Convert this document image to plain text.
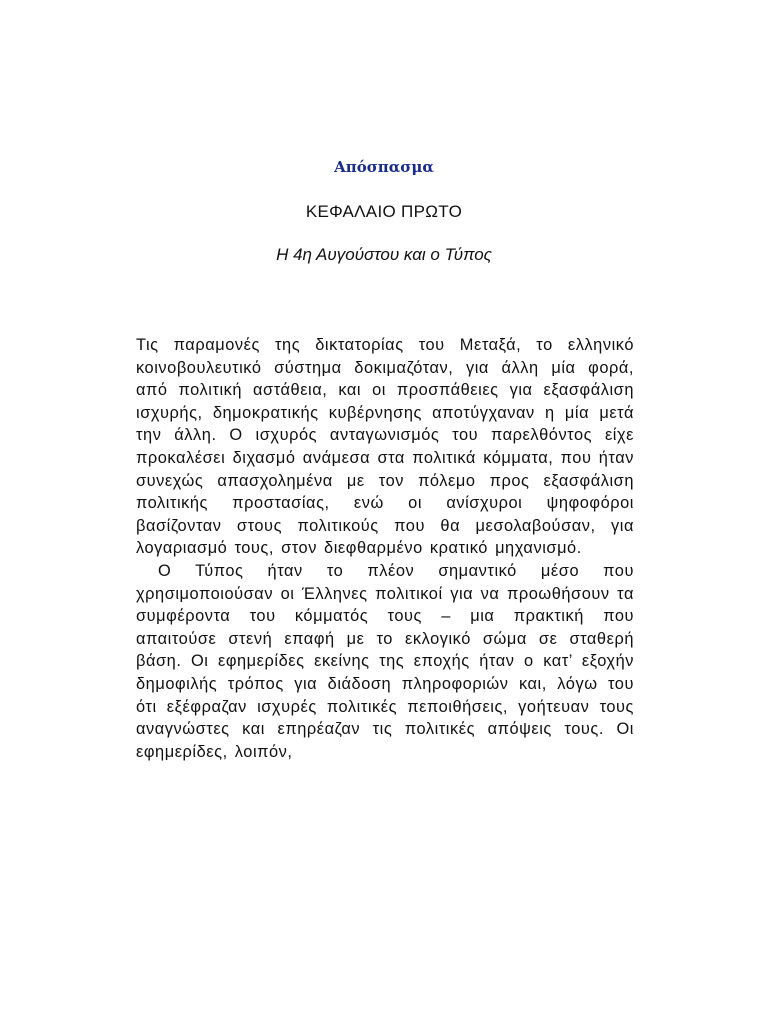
Απόσπασμα
ΚΕΦΑΛΑΙΟ ΠΡΩΤΟ
Η 4η Αυγούστου και ο Τύπος

Τις παραμονές της δικτατορίας του Μεταξά, το ελληνικό κοινοβουλευτικό σύστημα δοκιμαζόταν, για άλλη μία φορά, από πολιτική αστάθεια, και οι προσπάθειες για εξασφάλιση ισχυρής, δημοκρατικής κυβέρνησης αποτύγχαναν η μία μετά την άλλη. Ο ισχυρός ανταγωνισμός του παρελθόντος είχε προκαλέσει διχασμό ανάμεσα στα πολιτικά κόμματα, που ήταν συνεχώς απασχολημένα με τον πόλεμο προς εξασφάλιση πολιτικής προστασίας, ενώ οι ανίσχυροι ψηφοφόροι βασίζονταν στους πολιτικούς που θα μεσολαβούσαν, για λογαριασμό τους, στον διεφθαρμένο κρατικό μηχανισμό.

Ο Τύπος ήταν το πλέον σημαντικό μέσο που χρησιμοποιούσαν οι Έλληνες πολιτικοί για να προωθήσουν τα συμφέροντα του κόμματός τους – μια πρακτική που απαιτούσε στενή επαφή με το εκλογικό σώμα σε σταθερή βάση. Οι εφημερίδες εκείνης της εποχής ήταν ο κατ’ εξοχήν δημοφιλής τρόπος για διάδοση πληροφοριών και, λόγω του ότι εξέφραζαν ισχυρές πολιτικές πεποιθήσεις, γοήτευαν τους αναγνώστες και επηρέαζαν τις πολιτικές απόψεις τους. Οι εφημερίδες, λοιπόν,
